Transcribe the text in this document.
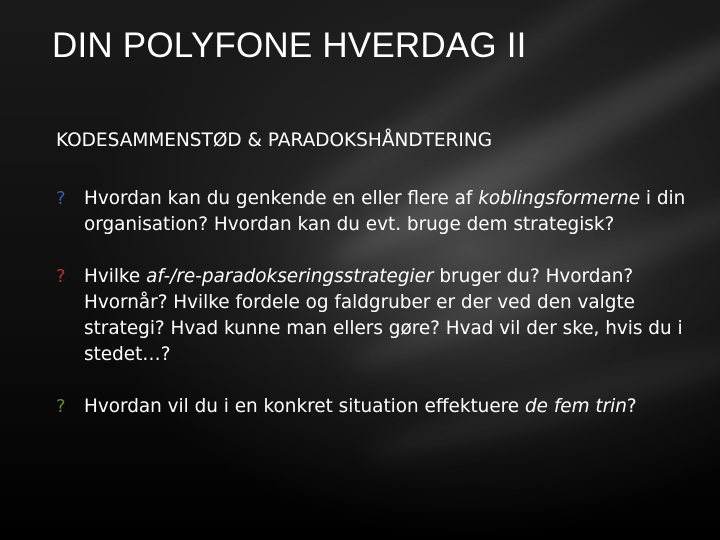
DIN POLYFONE HVERDAG II
KODESAMMENSTØD & PARADOKSHÅNDTERING
? Hvordan kan du genkende en eller flere af koblingsformerne i din organisation? Hvordan kan du evt. bruge dem strategisk?
? Hvilke af-/re-paradokseringsstrategier bruger du? Hvordan? Hvornår? Hvilke fordele og faldgruber er der ved den valgte strategi? Hvad kunne man ellers gøre? Hvad vil der ske, hvis du i stedet…?
? Hvordan vil du i en konkret situation effektuere de fem trin?
